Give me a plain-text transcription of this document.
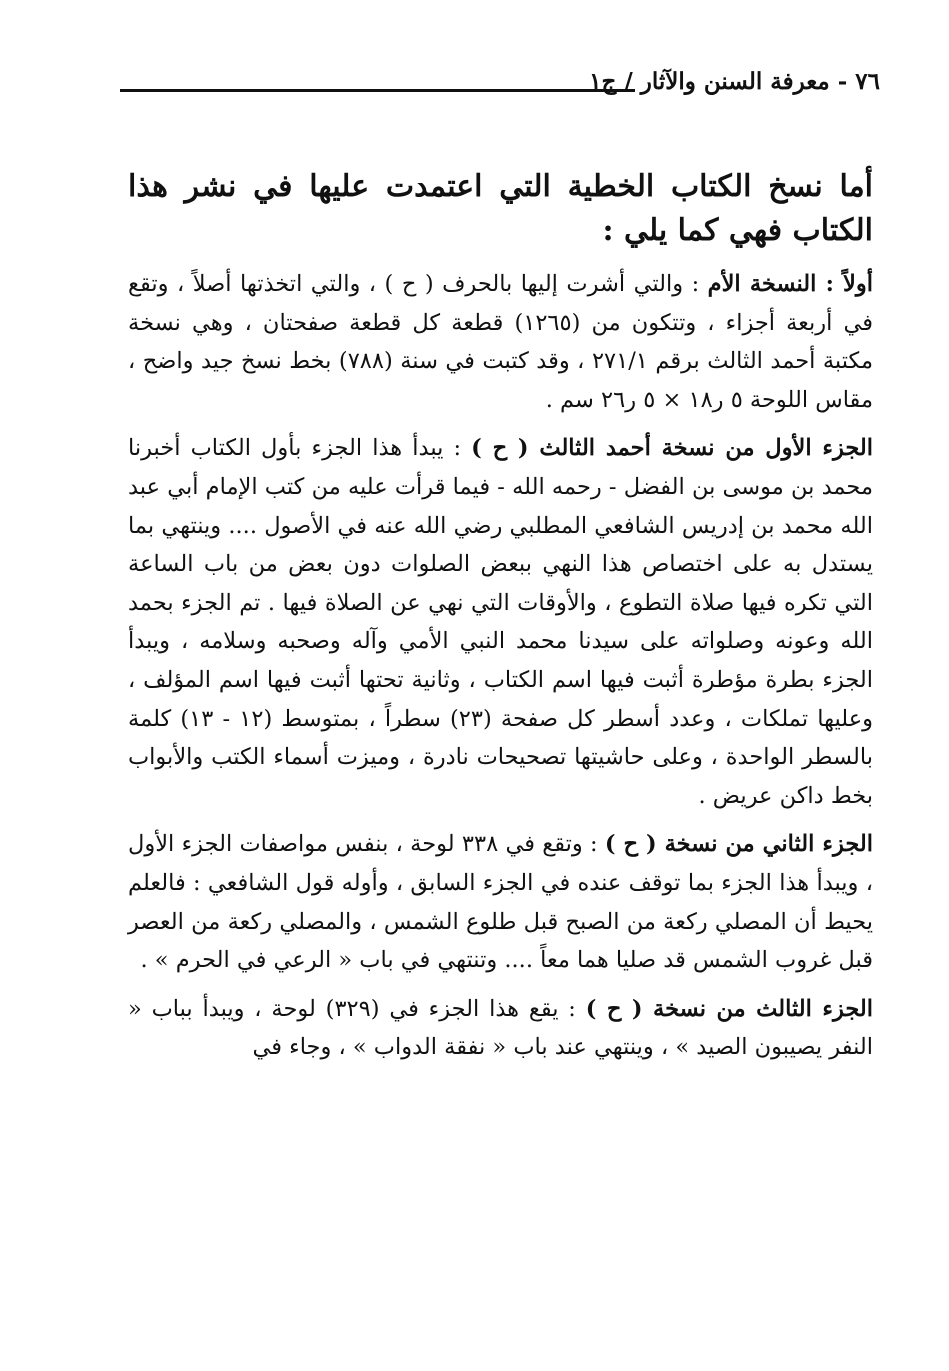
٧٦ - معرفة السنن والآثار / ج١

أما نسخ الكتاب الخطية التي اعتمدت عليها في نشر هذا الكتاب فهي كما يلي :

أولاً : النسخة الأم : والتي أشرت إليها بالحرف ( ح ) ، والتي اتخذتها أصلاً ، وتقع في أربعة أجزاء ، وتتكون من (١٢٦٥) قطعة كل قطعة صفحتان ، وهي نسخة مكتبة أحمد الثالث برقم ٢٧١/١ ، وقد كتبت في سنة (٧٨٨) بخط نسخ جيد واضح ، مقاس اللوحة ٥ ر١٨ × ٥ ر٢٦ سم .

الجزء الأول من نسخة أحمد الثالث ( ح ) : يبدأ هذا الجزء بأول الكتاب أخبرنا محمد بن موسى بن الفضل - رحمه الله - فيما قرأت عليه من كتب الإمام أبي عبد الله محمد بن إدريس الشافعي المطلبي رضي الله عنه في الأصول .... وينتهي بما يستدل به على اختصاص هذا النهي ببعض الصلوات دون بعض من باب الساعة التي تكره فيها صلاة التطوع ، والأوقات التي نهي عن الصلاة فيها . تم الجزء بحمد الله وعونه وصلواته على سيدنا محمد النبي الأمي وآله وصحبه وسلامه ، ويبدأ الجزء بطرة مؤطرة أثبت فيها اسم الكتاب ، وثانية تحتها أثبت فيها اسم المؤلف ، وعليها تملكات ، وعدد أسطر كل صفحة (٢٣) سطراً ، بمتوسط (١٢ - ١٣) كلمة بالسطر الواحدة ، وعلى حاشيتها تصحيحات نادرة ، وميزت أسماء الكتب والأبواب بخط داكن عريض .

الجزء الثاني من نسخة ( ح ) : وتقع في ٣٣٨ لوحة ، بنفس مواصفات الجزء الأول ، ويبدأ هذا الجزء بما توقف عنده في الجزء السابق ، وأوله قول الشافعي : فالعلم يحيط أن المصلي ركعة من الصبح قبل طلوع الشمس ، والمصلي ركعة من العصر قبل غروب الشمس قد صليا هما معاً .... وتنتهي في باب « الرعي في الحرم » .

الجزء الثالث من نسخة ( ح ) : يقع هذا الجزء في (٣٢٩) لوحة ، ويبدأ بباب « النفر يصيبون الصيد » ، وينتهي عند باب « نفقة الدواب » ، وجاء في
